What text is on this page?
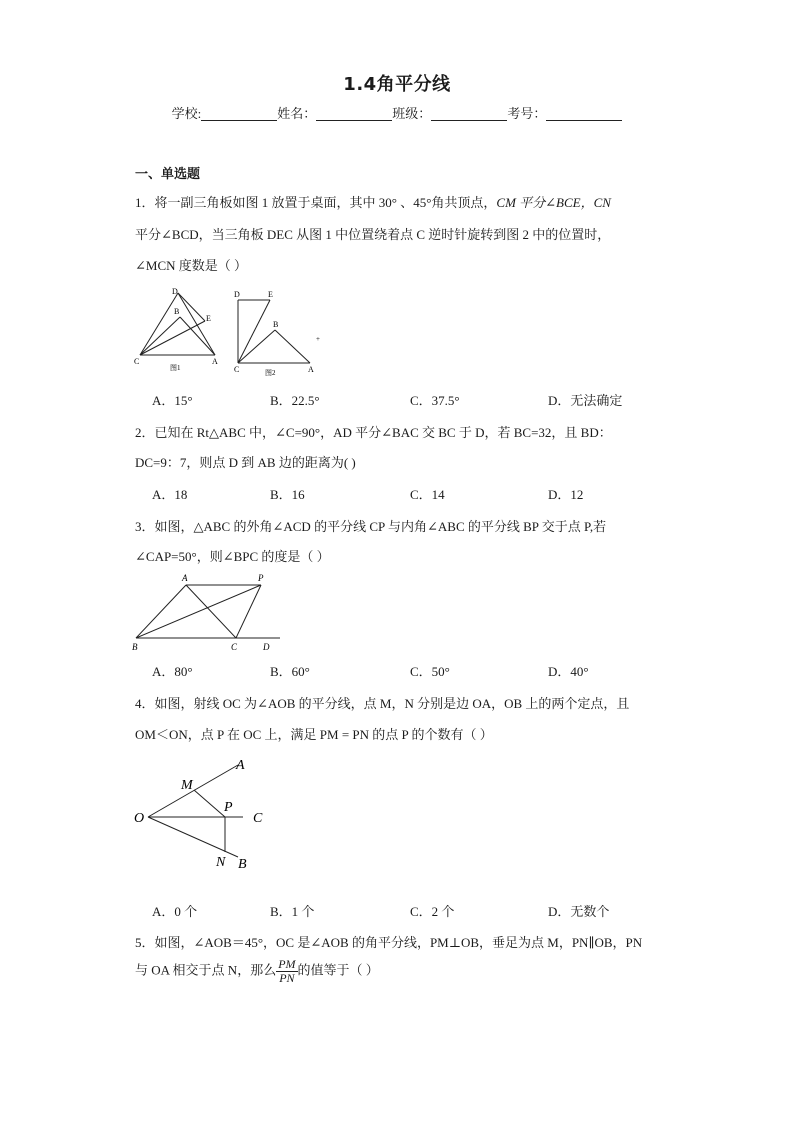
1.4角平分线
学校:	姓名：	班级：	考号：
一、单选题
1．将一副三角板如图 1 放置于桌面，其中 30° 、45°角共顶点，CM 平分∠BCE，CN
平分∠BCD，当三角板 DEC 从图 1 中位置绕着点 C 逆时针旋转到图 2 中的位置时，
∠MCN 度数是（ ）
D
B
E
C	A
图1
D	E
B
C	A
图2
+
A．15°	B．22.5°	C．37.5°	D．无法确定
2．已知在 Rt△ABC 中，∠C=90°，AD 平分∠BAC 交 BC 于 D，若 BC=32，且 BD：
DC=9：7，则点 D 到 AB 边的距离为( )
A．18	B．16	C．14	D．12
3．如图，△ABC 的外角∠ACD 的平分线 CP 与内角∠ABC 的平分线 BP 交于点 P,若
∠CAP=50°，则∠BPC 的度是（ ）
A	P
B	C	D
A．80°	B．60°	C．50°	D．40°
4．如图，射线 OC 为∠AOB 的平分线，点 M，N 分别是边 OA，OB 上的两个定点，且
OM＜ON，点 P 在 OC 上，满足 PM = PN 的点 P 的个数有（ ）
A
M
P
C
O
N B
A．0 个	B．1 个	C．2 个	D．无数个
5．如图，∠AOB＝45°，OC 是∠AOB 的角平分线，PM⊥OB，垂足为点 M，PN∥OB，PN
与 OA 相交于点 N，那么 $\frac{PM}{PN}$ 的值等于（ ）
